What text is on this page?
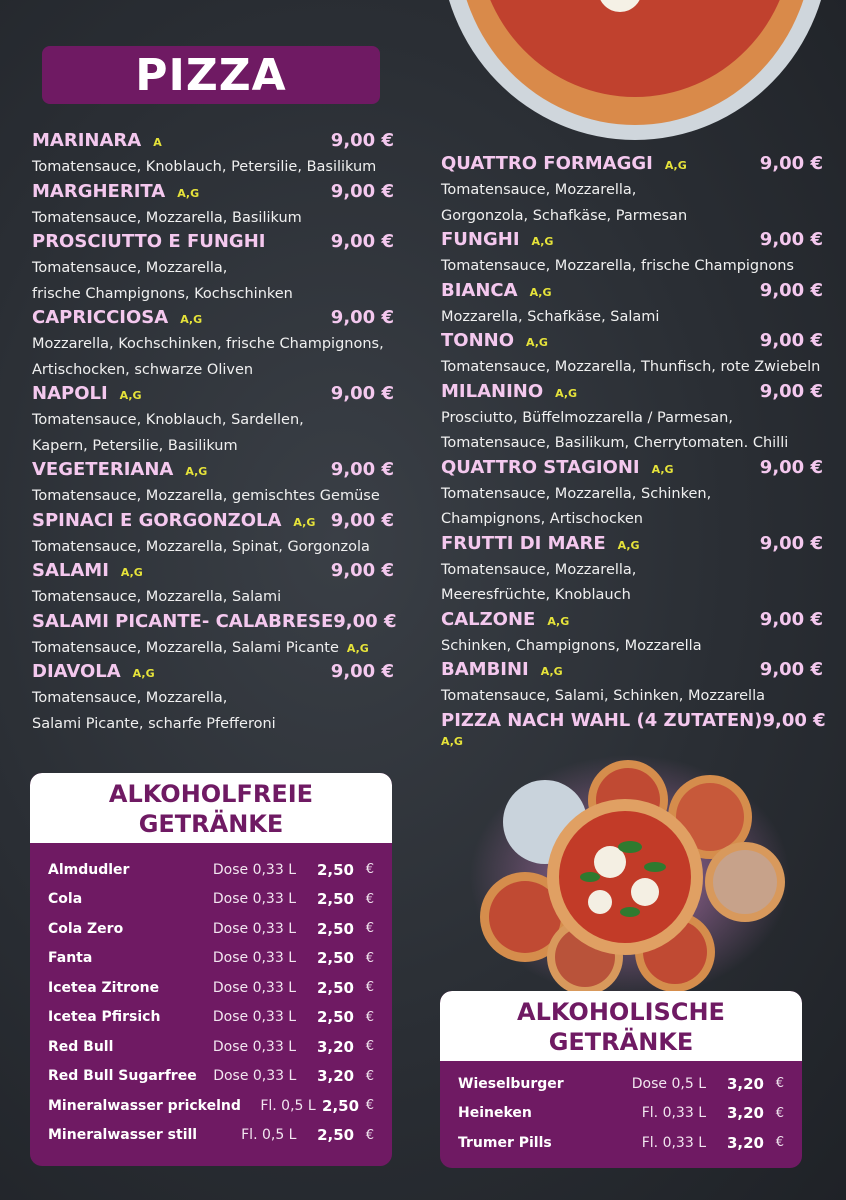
PIZZA
MARINARA A	9,00 €
Tomatensauce, Knoblauch, Petersilie, Basilikum
MARGHERITA A,G	9,00 €
Tomatensauce, Mozzarella, Basilikum
PROSCIUTTO E FUNGHI	9,00 €
Tomatensauce, Mozzarella,
frische Champignons, Kochschinken
CAPRICCIOSA A,G	9,00 €
Mozzarella, Kochschinken, frische Champignons,
Artischocken, schwarze Oliven
NAPOLI A,G	9,00 €
Tomatensauce, Knoblauch, Sardellen,
Kapern, Petersilie, Basilikum
VEGETERIANA A,G	9,00 €
Tomatensauce, Mozzarella, gemischtes Gemüse
SPINACI E GORGONZOLA A,G 9,00 €
Tomatensauce, Mozzarella, Spinat, Gorgonzola
SALAMI A,G	9,00 €
Tomatensauce, Mozzarella, Salami
SALAMI PICANTE- CALABRESE 9,00 €
Tomatensauce, Mozzarella, Salami Picante A,G
DIAVOLA A,G	9,00 €
Tomatensauce, Mozzarella,
Salami Picante, scharfe Pfefferoni
QUATTRO FORMAGGI A,G	9,00 €
Tomatensauce, Mozzarella,
Gorgonzola, Schafkäse, Parmesan
FUNGHI A,G	9,00 €
Tomatensauce, Mozzarella, frische Champignons
BIANCA A,G	9,00 €
Mozzarella, Schafkäse, Salami
TONNO A,G	9,00 €
Tomatensauce, Mozzarella, Thunfisch, rote Zwiebeln
MILANINO A,G	9,00 €
Prosciutto, Büffelmozzarella / Parmesan,
Tomatensauce, Basilikum, Cherrytomaten. Chilli
QUATTRO STAGIONI A,G	9,00 €
Tomatensauce, Mozzarella, Schinken,
Champignons, Artischocken
FRUTTI DI MARE A,G	9,00 €
Tomatensauce, Mozzarella,
Meeresfrüchte, Knoblauch
CALZONE A,G	9,00 €
Schinken, Champignons, Mozzarella
BAMBINI A,G	9,00 €
Tomatensauce, Salami, Schinken, Mozzarella
PIZZA NACH WAHL (4 ZUTATEN) 9,00 €
A,G
ALKOHOLFREIE
GETRÄNKE
Almdudler	Dose 0,33 L	2,50 €
Cola	Dose 0,33 L	2,50 €
Cola Zero	Dose 0,33 L	2,50 €
Fanta	Dose 0,33 L	2,50 €
Icetea Zitrone	Dose 0,33 L	2,50 €
Icetea Pfirsich	Dose 0,33 L	2,50 €
Red Bull	Dose 0,33 L	3,20 €
Red Bull Sugarfree	Dose 0,33 L	3,20 €
Mineralwasser prickelnd	Fl. 0,5 L 2,50 €
Mineralwasser still	Fl. 0,5 L	2,50 €
ALKOHOLISCHE
GETRÄNKE
Wieselburger	Dose 0,5 L	3,20 €
Heineken	Fl. 0,33 L	3,20 €
Trumer Pills	Fl. 0,33 L	3,20 €
